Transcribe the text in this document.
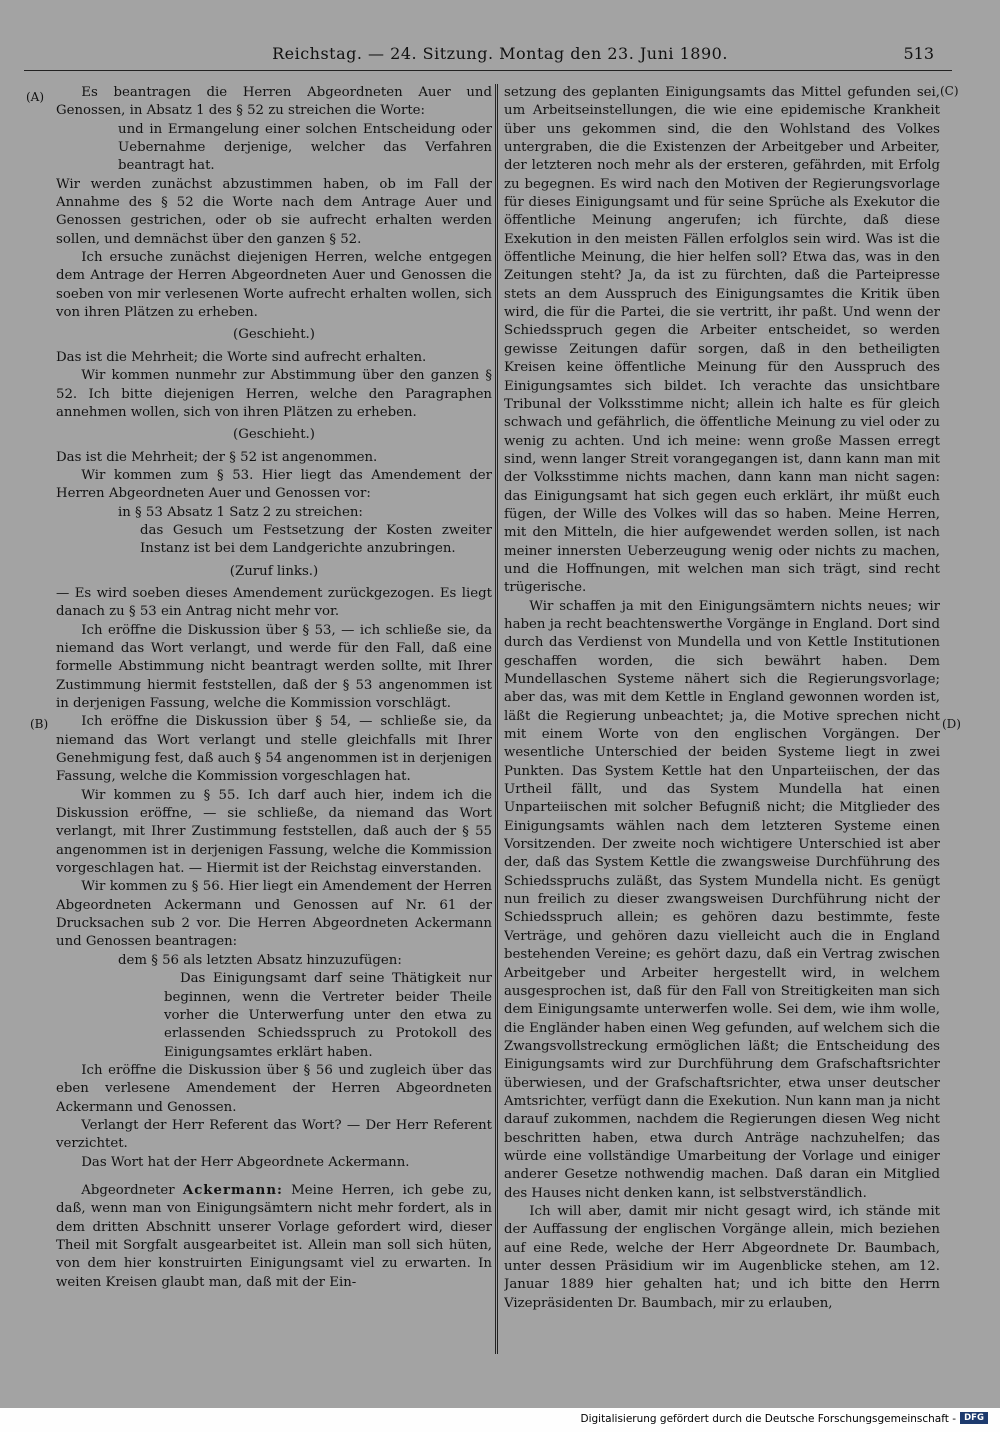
Reichstag. — 24. Sitzung. Montag den 23. Juni 1890.	513
(A)
(B)
(C)
(D)

Es beantragen die Herren Abgeordneten Auer und Genossen, in Absatz 1 des § 52 zu streichen die Worte:

und in Ermangelung einer solchen Entscheidung oder Uebernahme derjenige, welcher das Verfahren beantragt hat.

Wir werden zunächst abzustimmen haben, ob im Fall der Annahme des § 52 die Worte nach dem Antrage Auer und Genossen gestrichen, oder ob sie aufrecht erhalten werden sollen, und demnächst über den ganzen § 52.

Ich ersuche zunächst diejenigen Herren, welche entgegen dem Antrage der Herren Abgeordneten Auer und Genossen die soeben von mir verlesenen Worte aufrecht erhalten wollen, sich von ihren Plätzen zu erheben.

(Geschieht.)

Das ist die Mehrheit; die Worte sind aufrecht erhalten.

Wir kommen nunmehr zur Abstimmung über den ganzen § 52. Ich bitte diejenigen Herren, welche den Paragraphen annehmen wollen, sich von ihren Plätzen zu erheben.

(Geschieht.)

Das ist die Mehrheit; der § 52 ist angenommen.

Wir kommen zum § 53. Hier liegt das Amendement der Herren Abgeordneten Auer und Genossen vor:

in § 53 Absatz 1 Satz 2 zu streichen:

das Gesuch um Festsetzung der Kosten zweiter Instanz ist bei dem Landgerichte anzubringen.

(Zuruf links.)

— Es wird soeben dieses Amendement zurückgezogen. Es liegt danach zu § 53 ein Antrag nicht mehr vor.

Ich eröffne die Diskussion über § 53, — ich schließe sie, da niemand das Wort verlangt, und werde für den Fall, daß eine formelle Abstimmung nicht beantragt werden sollte, mit Ihrer Zustimmung hiermit feststellen, daß der § 53 angenommen ist in derjenigen Fassung, welche die Kommission vorschlägt.

Ich eröffne die Diskussion über § 54, — schließe sie, da niemand das Wort verlangt und stelle gleichfalls mit Ihrer Genehmigung fest, daß auch § 54 angenommen ist in derjenigen Fassung, welche die Kommission vorgeschlagen hat.

Wir kommen zu § 55. Ich darf auch hier, indem ich die Diskussion eröffne, — sie schließe, da niemand das Wort verlangt, mit Ihrer Zustimmung feststellen, daß auch der § 55 angenommen ist in derjenigen Fassung, welche die Kommission vorgeschlagen hat. — Hiermit ist der Reichstag einverstanden.

Wir kommen zu § 56. Hier liegt ein Amendement der Herren Abgeordneten Ackermann und Genossen auf Nr. 61 der Drucksachen sub 2 vor. Die Herren Abgeordneten Ackermann und Genossen beantragen:

dem § 56 als letzten Absatz hinzuzufügen:

Das Einigungsamt darf seine Thätigkeit nur beginnen, wenn die Vertreter beider Theile vorher die Unterwerfung unter den etwa zu erlassenden Schiedsspruch zu Protokoll des Einigungsamtes erklärt haben.

Ich eröffne die Diskussion über § 56 und zugleich über das eben verlesene Amendement der Herren Abgeordneten Ackermann und Genossen.

Verlangt der Herr Referent das Wort? — Der Herr Referent verzichtet.

Das Wort hat der Herr Abgeordnete Ackermann.

Abgeordneter Ackermann: Meine Herren, ich gebe zu, daß, wenn man von Einigungsämtern nicht mehr fordert, als in dem dritten Abschnitt unserer Vorlage gefordert wird, dieser Theil mit Sorgfalt ausgearbeitet ist. Allein man soll sich hüten, von dem hier konstruirten Einigungsamt viel zu erwarten. In weiten Kreisen glaubt man, daß mit der Ein-

setzung des geplanten Einigungsamts das Mittel gefunden sei, um Arbeitseinstellungen, die wie eine epidemische Krankheit über uns gekommen sind, die den Wohlstand des Volkes untergraben, die die Existenzen der Arbeitgeber und Arbeiter, der letzteren noch mehr als der ersteren, gefährden, mit Erfolg zu begegnen. Es wird nach den Motiven der Regierungsvorlage für dieses Einigungsamt und für seine Sprüche als Exekutor die öffentliche Meinung angerufen; ich fürchte, daß diese Exekution in den meisten Fällen erfolglos sein wird. Was ist die öffentliche Meinung, die hier helfen soll? Etwa das, was in den Zeitungen steht? Ja, da ist zu fürchten, daß die Parteipresse stets an dem Ausspruch des Einigungsamtes die Kritik üben wird, die für die Partei, die sie vertritt, ihr paßt. Und wenn der Schiedsspruch gegen die Arbeiter entscheidet, so werden gewisse Zeitungen dafür sorgen, daß in den betheiligten Kreisen keine öffentliche Meinung für den Ausspruch des Einigungsamtes sich bildet. Ich verachte das unsichtbare Tribunal der Volksstimme nicht; allein ich halte es für gleich schwach und gefährlich, die öffentliche Meinung zu viel oder zu wenig zu achten. Und ich meine: wenn große Massen erregt sind, wenn langer Streit vorangegangen ist, dann kann man mit der Volksstimme nichts machen, dann kann man nicht sagen: das Einigungsamt hat sich gegen euch erklärt, ihr müßt euch fügen, der Wille des Volkes will das so haben. Meine Herren, mit den Mitteln, die hier aufgewendet werden sollen, ist nach meiner innersten Ueberzeugung wenig oder nichts zu machen, und die Hoffnungen, mit welchen man sich trägt, sind recht trügerische.

Wir schaffen ja mit den Einigungsämtern nichts neues; wir haben ja recht beachtenswerthe Vorgänge in England. Dort sind durch das Verdienst von Mundella und von Kettle Institutionen geschaffen worden, die sich bewährt haben. Dem Mundellaschen Systeme nähert sich die Regierungsvorlage; aber das, was mit dem Kettle in England gewonnen worden ist, läßt die Regierung unbeachtet; ja, die Motive sprechen nicht mit einem Worte von den englischen Vorgängen. Der wesentliche Unterschied der beiden Systeme liegt in zwei Punkten. Das System Kettle hat den Unparteiischen, der das Urtheil fällt, und das System Mundella hat einen Unparteiischen mit solcher Befugniß nicht; die Mitglieder des Einigungsamts wählen nach dem letzteren Systeme einen Vorsitzenden. Der zweite noch wichtigere Unterschied ist aber der, daß das System Kettle die zwangsweise Durchführung des Schiedsspruchs zuläßt, das System Mundella nicht. Es genügt nun freilich zu dieser zwangsweisen Durchführung nicht der Schiedsspruch allein; es gehören dazu bestimmte, feste Verträge, und gehören dazu vielleicht auch die in England bestehenden Vereine; es gehört dazu, daß ein Vertrag zwischen Arbeitgeber und Arbeiter hergestellt wird, in welchem ausgesprochen ist, daß für den Fall von Streitigkeiten man sich dem Einigungsamte unterwerfen wolle. Sei dem, wie ihm wolle, die Engländer haben einen Weg gefunden, auf welchem sich die Zwangsvollstreckung ermöglichen läßt; die Entscheidung des Einigungsamts wird zur Durchführung dem Grafschaftsrichter überwiesen, und der Grafschaftsrichter, etwa unser deutscher Amtsrichter, verfügt dann die Exekution. Nun kann man ja nicht darauf zukommen, nachdem die Regierungen diesen Weg nicht beschritten haben, etwa durch Anträge nachzuhelfen; das würde eine vollständige Umarbeitung der Vorlage und einiger anderer Gesetze nothwendig machen. Daß daran ein Mitglied des Hauses nicht denken kann, ist selbstverständlich.

Ich will aber, damit mir nicht gesagt wird, ich stände mit der Auffassung der englischen Vorgänge allein, mich beziehen auf eine Rede, welche der Herr Abgeordnete Dr. Baumbach, unter dessen Präsidium wir im Augenblicke stehen, am 12. Januar 1889 hier gehalten hat; und ich bitte den Herrn Vizepräsidenten Dr. Baumbach, mir zu erlauben,

Digitalisierung gefördert durch die Deutsche Forschungsgemeinschaft - DFG
